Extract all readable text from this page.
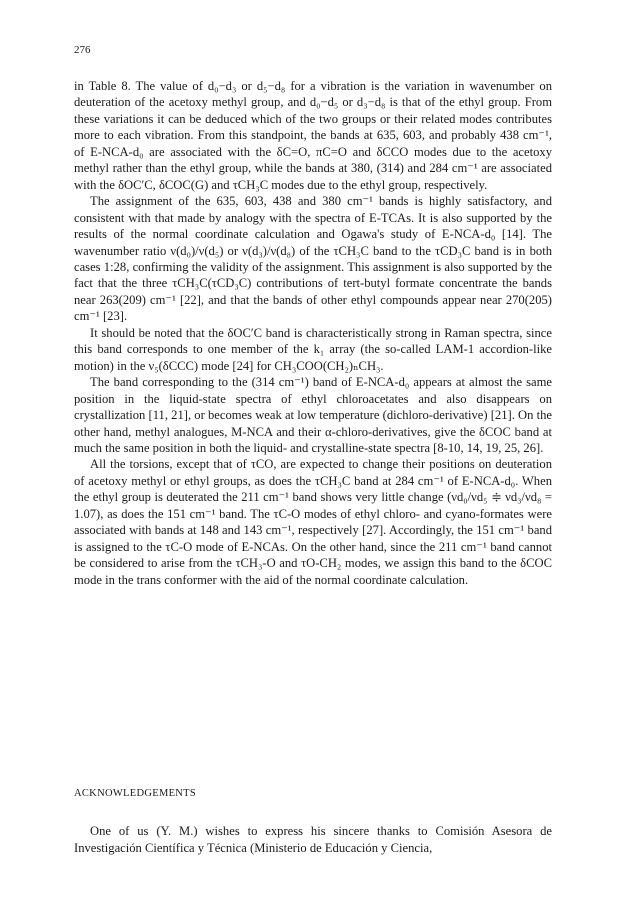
276

in Table 8. The value of d₀−d₃ or d₅−d₈ for a vibration is the variation in wavenumber on deuteration of the acetoxy methyl group, and d₀−d₅ or d₃−d₈ is that of the ethyl group. From these variations it can be deduced which of the two groups or their related modes contributes more to each vibration. From this standpoint, the bands at 635, 603, and probably 438 cm⁻¹, of E-NCA-d₀ are associated with the δC=O, πC=O and δCCO modes due to the acetoxy methyl rather than the ethyl group, while the bands at 380, (314) and 284 cm⁻¹ are associated with the δOC′C, δCOC(G) and τCH₃C modes due to the ethyl group, respectively.

The assignment of the 635, 603, 438 and 380 cm⁻¹ bands is highly satisfactory, and consistent with that made by analogy with the spectra of E-TCAs. It is also supported by the results of the normal coordinate calculation and Ogawa's study of E-NCA-d₀ [14]. The wavenumber ratio ν(d₀)/ν(d₅) or ν(d₃)/ν(d₈) of the τCH₃C band to the τCD₃C band is in both cases 1:28, confirming the validity of the assignment. This assignment is also supported by the fact that the three τCH₃C(τCD₃C) contributions of tert-butyl formate concentrate the bands near 263(209) cm⁻¹ [22], and that the bands of other ethyl compounds appear near 270(205) cm⁻¹ [23].

It should be noted that the δOC′C band is characteristically strong in Raman spectra, since this band corresponds to one member of the k₁ array (the so-called LAM-1 accordion-like motion) in the ν₅(δCCC) mode [24] for CH₃COO(CH₂)ₙCH₃.

The band corresponding to the (314 cm⁻¹) band of E-NCA-d₀ appears at almost the same position in the liquid-state spectra of ethyl chloroacetates and also disappears on crystallization [11, 21], or becomes weak at low temperature (dichloro-derivative) [21]. On the other hand, methyl analogues, M-NCA and their α-chloro-derivatives, give the δCOC band at much the same position in both the liquid- and crystalline-state spectra [8-10, 14, 19, 25, 26].

All the torsions, except that of τCO, are expected to change their positions on deuteration of acetoxy methyl or ethyl groups, as does the τCH₃C band at 284 cm⁻¹ of E-NCA-d₀. When the ethyl group is deuterated the 211 cm⁻¹ band shows very little change (νd₀/νd₅ ≑ νd₃/νd₈ = 1.07), as does the 151 cm⁻¹ band. The τC-O modes of ethyl chloro- and cyano-formates were associated with bands at 148 and 143 cm⁻¹, respectively [27]. Accordingly, the 151 cm⁻¹ band is assigned to the τC-O mode of E-NCAs. On the other hand, since the 211 cm⁻¹ band cannot be considered to arise from the τCH₃-O and τO-CH₂ modes, we assign this band to the δCOC mode in the trans conformer with the aid of the normal coordinate calculation.

ACKNOWLEDGEMENTS

One of us (Y. M.) wishes to express his sincere thanks to Comisión Asesora de Investigación Científica y Técnica (Ministerio de Educación y Ciencia,
